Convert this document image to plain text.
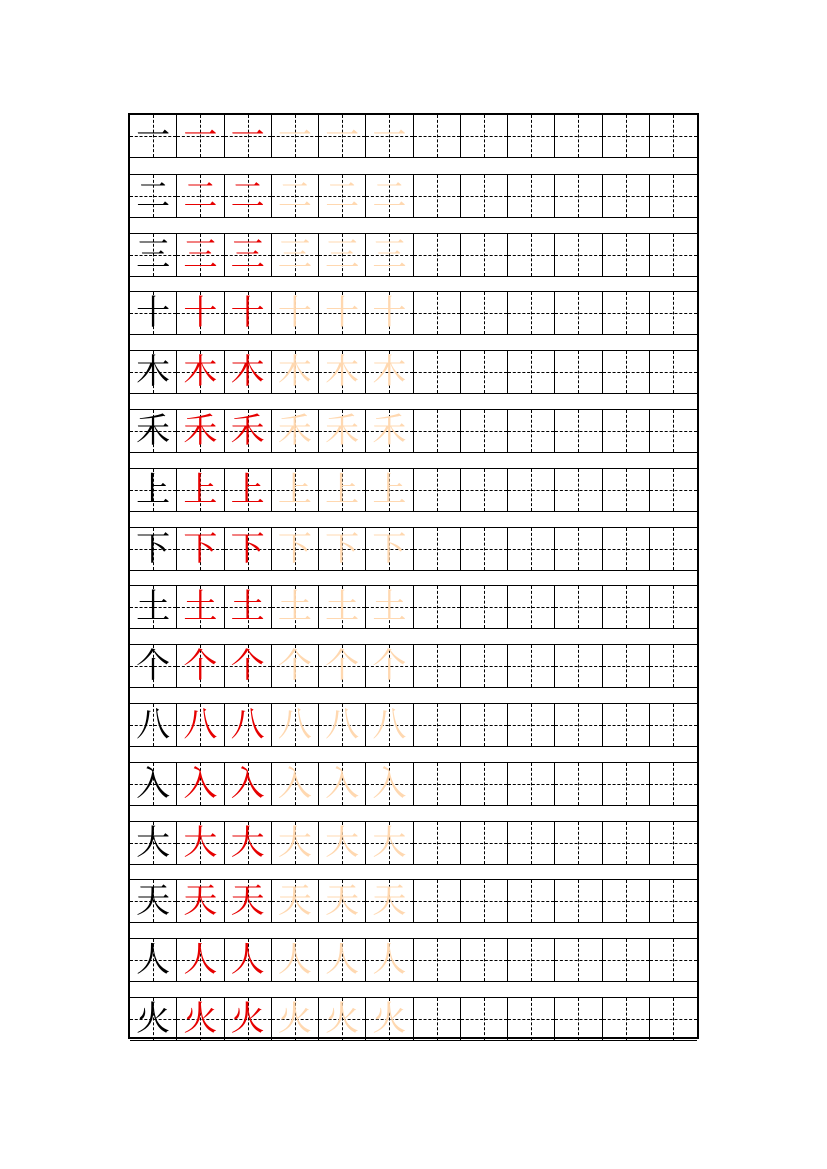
一 一 一 一 一 一
二 二 二 二 二 二
三 三 三 三 三 三
十 十 十 十 十 十
木 木 木 木 木 木
禾 禾 禾 禾 禾 禾
上 上 上 上 上 上
下 下 下 下 下 下
土 土 土 土 土 土
个 个 个 个 个 个
八 八 八 八 八 八
入 入 入 入 入 入
大 大 大 大 大 大
天 天 天 天 天 天
人 人 人 人 人 人
火 火 火 火 火 火
